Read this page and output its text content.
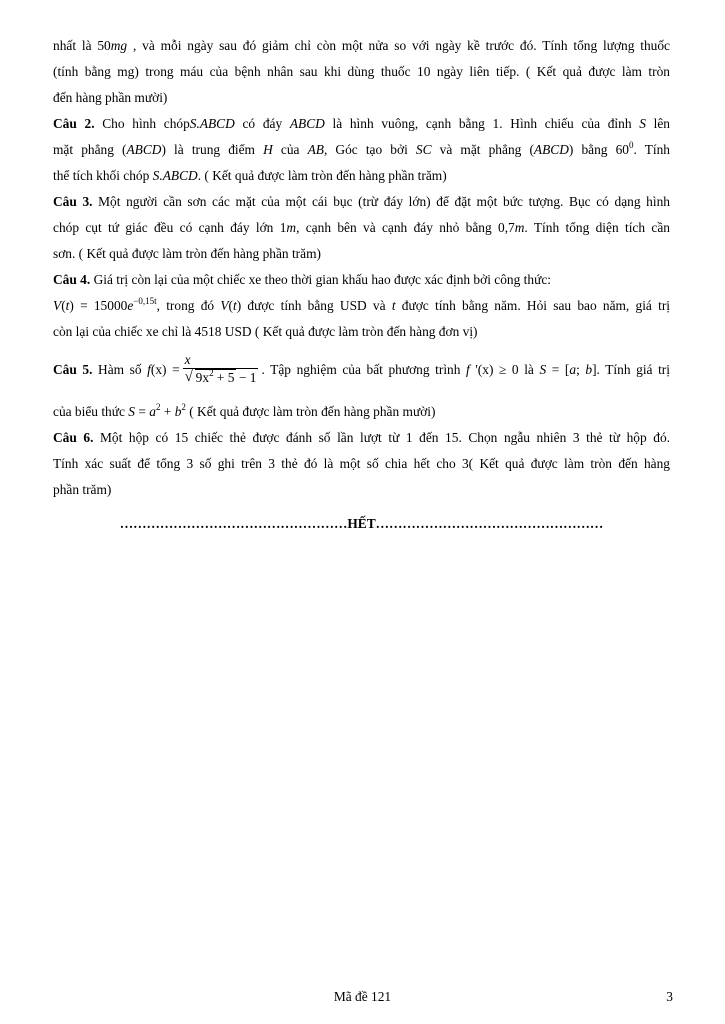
nhất là 50mg , và mỗi ngày sau đó giảm chỉ còn một nửa so với ngày kề trước đó. Tính tổng lượng thuốc
(tính bằng mg) trong máu của bệnh nhân sau khi dùng thuốc 10 ngày liên tiếp. ( Kết quả được làm tròn
đến hàng phần mười)
Câu 2. Cho hình chópS.ABCD có đáy ABCD là hình vuông, cạnh bằng 1. Hình chiếu của đỉnh S lên
mặt phẳng (ABCD) là trung điểm H của AB, Góc tạo bởi SC và mặt phẳng (ABCD) bằng $60^0$. Tính
thể tích khối chóp S.ABCD. ( Kết quả được làm tròn đến hàng phần trăm)
Câu 3. Một người cần sơn các mặt của một cái bục (trừ đáy lớn) để đặt một bức tượng. Bục có dạng hình
chóp cụt tứ giác đều có cạnh đáy lớn 1m, cạnh bên và cạnh đáy nhỏ bằng 0,7m. Tính tổng diện tích cần
sơn. ( Kết quả được làm tròn đến hàng phần trăm)
Câu 4. Giá trị còn lại của một chiếc xe theo thời gian khấu hao được xác định bởi công thức:
$V(t) = 15000e^{-0,15t}$, trong đó V(t) được tính bằng USD và t được tính bằng năm. Hỏi sau bao năm, giá trị
còn lại của chiếc xe chỉ là 4518 USD ( Kết quả được làm tròn đến hàng đơn vị)
Câu 5. Hàm số $f(x) = \frac{x}{√ 9x^2 + 5 - 1}$ . Tập nghiệm của bất phương trình f '(x) ≥ 0 là S = [a; b]. Tính giá trị
của biểu thức $S = a^2 + b^2$ ( Kết quả được làm tròn đến hàng phần mười)
Câu 6. Một hộp có 15 chiếc thẻ được đánh số lần lượt từ 1 đến 15. Chọn ngẫu nhiên 3 thẻ từ hộp đó.
Tính xác suất để tổng 3 số ghi trên 3 thẻ đó là một số chia hết cho 3( Kết quả được làm tròn đến hàng
phần trăm)
……………………………………………HẾT……………………………………………
Mã đề 121	3
